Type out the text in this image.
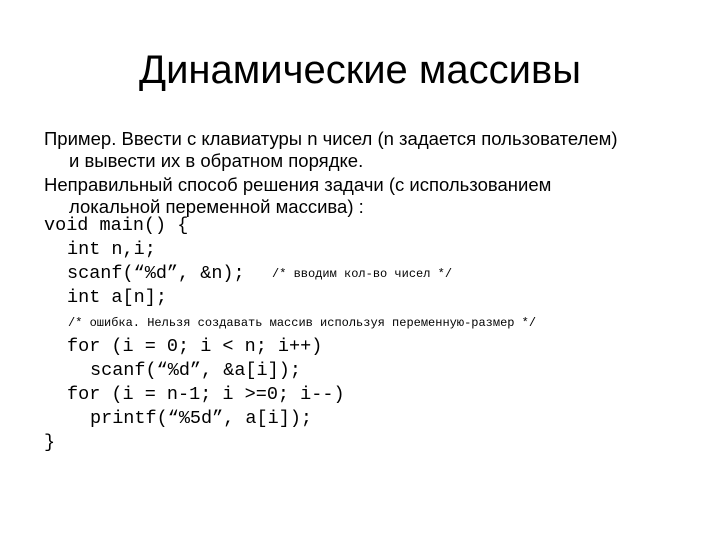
Динамические массивы

Пример. Ввести с клавиатуры n чисел (n задается пользователем)

и вывести их в обратном порядке.

Неправильный способ решения задачи (с использованием

локальной переменной массива) :

void main() {

int n,i;

scanf(“%d”, &n); /* вводим кол-во чисел */

int a[n];

/* ошибка. Нельзя создавать массив используя переменную-размер */

for (i = 0; i < n; i++)

scanf(“%d”, &a[i]);

for (i = n-1; i >=0; i--)

printf(“%5d”, a[i]);

}
